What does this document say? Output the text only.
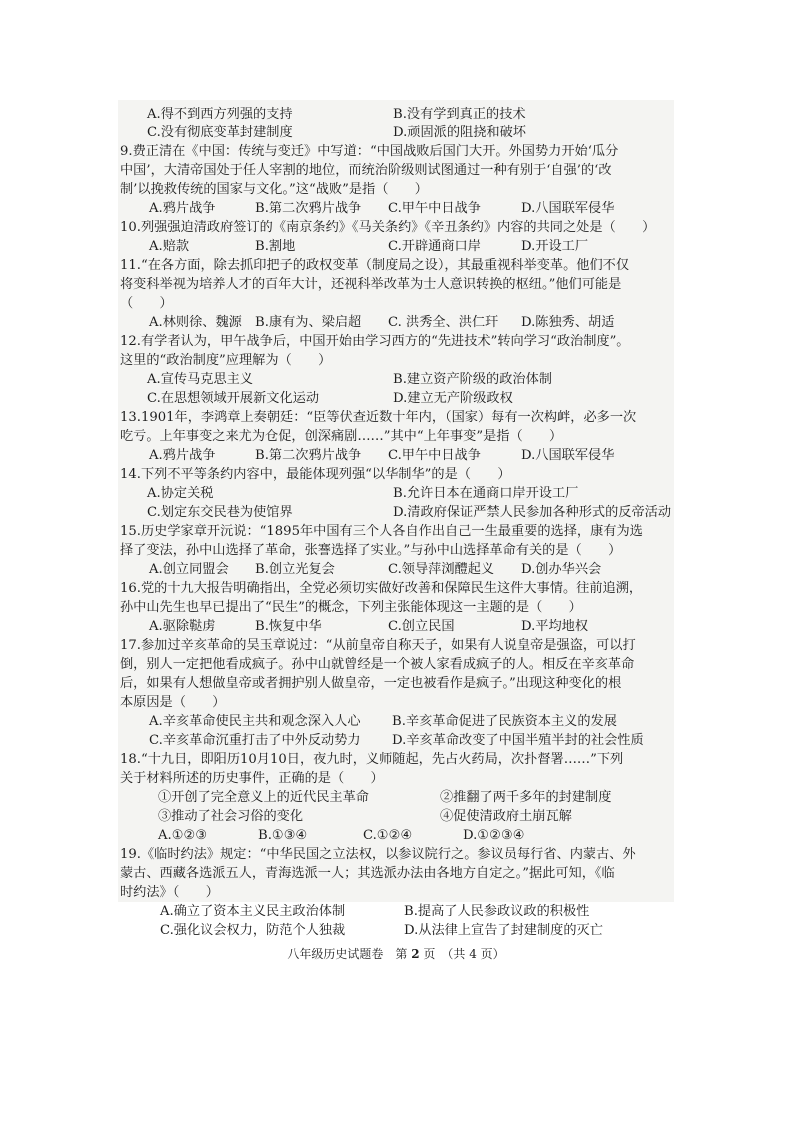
A.得不到西方列强的支持	B.没有学到真正的技术
C.没有彻底变革封建制度	D.顽固派的阻挠和破坏
9.费正清在《中国：传统与变迁》中写道：“中国战败后国门大开。外国势力开始‘瓜分
中国’，大清帝国处于任人宰割的地位，而统治阶级则试图通过一种有别于‘自强’的‘改
制’以挽救传统的国家与文化。”这“战败”是指（　　）
A.鸦片战争	B.第二次鸦片战争 C.甲午中日战争	D.八国联军侵华
10.列强强迫清政府签订的《南京条约》《马关条约》《辛丑条约》内容的共同之处是（　　）
A.赔款	B.割地	C.开辟通商口岸	D.开设工厂
11.“在各方面，除去抓印把子的政权变革（制度局之设），其最重视科举变革。他们不仅
将变科举视为培养人才的百年大计，还视科举改革为士人意识转换的枢纽。”他们可能是
（　　）
A.林则徐、魏源 B.康有为、梁启超 C. 洪秀全、洪仁玕 D.陈独秀、胡适
12.有学者认为，甲午战争后，中国开始由学习西方的“先进技术”转向学习“政治制度”。
这里的“政治制度”应理解为（　　）
A.宣传马克思主义	B.建立资产阶级的政治体制
C.在思想领域开展新文化运动	D.建立无产阶级政权
13.1901年，李鸿章上奏朝廷：“臣等伏查近数十年内，（国家）每有一次构衅，必多一次
吃亏。上年事变之来尤为仓促，创深痛剧……”其中“上年事变”是指（　　）
A.鸦片战争	B.第二次鸦片战争 C.甲午中日战争	D.八国联军侵华
14.下列不平等条约内容中，最能体现列强“以华制华”的是（　　）
A.协定关税	B.允许日本在通商口岸开设工厂
C.划定东交民巷为使馆界	D.清政府保证严禁人民参加各种形式的反帝活动
15.历史学家章开沅说：“1895年中国有三个人各自作出自己一生最重要的选择，康有为选
择了变法，孙中山选择了革命，张謇选择了实业。”与孙中山选择革命有关的是（　　）
A.创立同盟会 B.创立光复会	C.领导萍浏醴起义 D.创办华兴会
16.党的十九大报告明确指出，全党必须切实做好改善和保障民生这件大事情。往前追溯，
孙中山先生也早已提出了“民生”的概念，下列主张能体现这一主题的是（　　）
A.驱除鞑虏	B.恢复中华	C.创立民国	D.平均地权
17.参加过辛亥革命的吴玉章说过：“从前皇帝自称天子，如果有人说皇帝是强盗，可以打
倒，别人一定把他看成疯子。孙中山就曾经是一个被人家看成疯子的人。相反在辛亥革命
后，如果有人想做皇帝或者拥护别人做皇帝，一定也被看作是疯子。”出现这种变化的根
本原因是（　　）
A.辛亥革命使民主共和观念深入人心 B.辛亥革命促进了民族资本主义的发展
C.辛亥革命沉重打击了中外反动势力 D.辛亥革命改变了中国半殖半封的社会性质
18.“十九日，即阳历10月10日，夜九时，义师随起，先占火药局，次扑督署……”下列
关于材料所述的历史事件，正确的是（　　）
①开创了完全意义上的近代民主革命	②推翻了两千多年的封建制度
③推动了社会习俗的变化	④促使清政府土崩瓦解
A.①②③	B.①③④	C.①②④	D.①②③④
19.《临时约法》规定：“中华民国之立法权，以参议院行之。参议员每行省、内蒙古、外
蒙古、西藏各选派五人，青海选派一人；其选派办法由各地方自定之。”据此可知，《临
时约法》（　　）
A.确立了资本主义民主政治体制	B.提高了人民参政议政的积极性
C.强化议会权力，防范个人独裁	D.从法律上宣告了封建制度的灭亡
八年级历史试题卷　第 2 页　（共 4 页）
